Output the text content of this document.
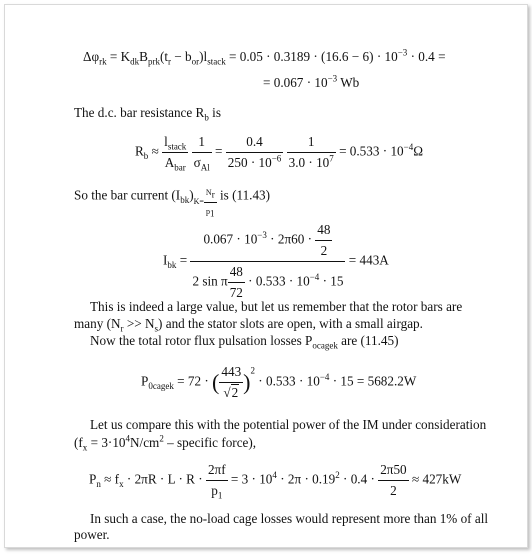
$\Delta\varphi_{rk} = K_{dk}B_{prk}(t_r - b_{or})l_{stack} = 0.05 \cdot 0.3189 \cdot (16.6 - 6) \cdot 10^{-3} \cdot 0.4$ =
= $0.067 \cdot 10^{-3}$ Wb
The d.c. bar resistance $R_b$ is
$R_b \approx \frac{l_{stack}}{A_{bar}}$
$\frac{1}{\sigma_{Al}} = \frac{0.4}{250 \cdot 10^{-6}}$
$\frac{1}{3.0 \cdot 10^7} = 0.533 \cdot 10^{-4}\Omega$
So the bar current $(I_{bk})_{K= \frac{N_r}{p_1}}$ is (11.43)
$I_{bk} = \frac{0.067 \cdot 10^{-3} \cdot 2\pi 60 \cdot \frac{48}{2}}{2 \sin \pi \frac{48}{72} \cdot 0.533 \cdot 10^{-4} \cdot 15} = 443A$
This is indeed a large value, but let us remember that the rotor bars are
many $(N_r >> N_s)$ and the stator slots are open, with a small airgap.
Now the total rotor flux pulsation losses $P_{ocagek}$ are (11.45)
$P_{0cagek} = 72$ · ( $\frac{443}{√2} )^2 \cdot 0.533 \cdot 10^{-4} \cdot 15 = 5682.2W$
Let us compare this with the potential power of the IM under consideration
($f_x = 3\cdot 10^4N/cm^2$ – specific force),
$P_n \approx f_x \cdot 2\pi R \cdot L \cdot R \cdot \frac{2\pi f}{p_1} = 3 \cdot 10^4 \cdot 2\pi \cdot 0.19^2 \cdot 0.4 \cdot \frac{2\pi 50}{2} \approx 427kW$
In such a case, the no-load cage losses would represent more than 1% of all
power.
